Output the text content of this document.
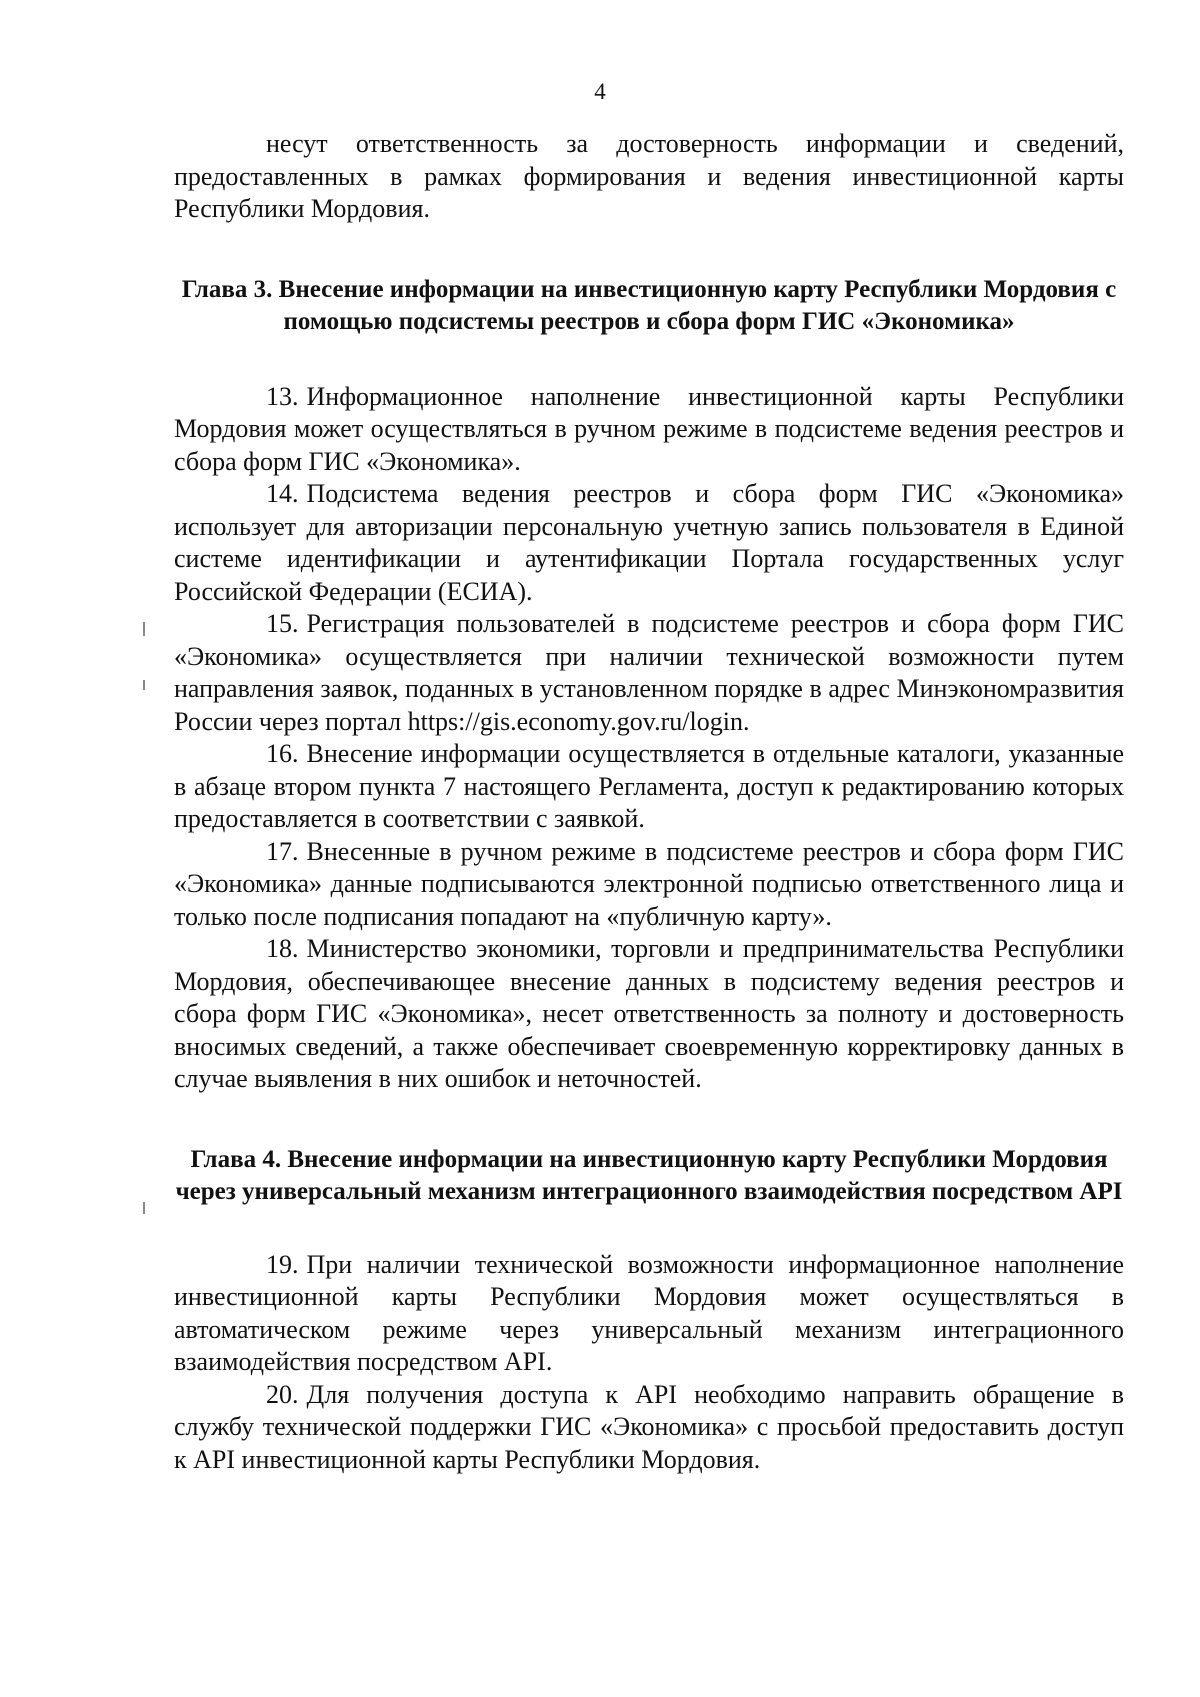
4

несут ответственность за достоверность информации и сведений, предоставленных в рамках формирования и ведения инвестиционной карты Республики Мордовия.

Глава 3. Внесение информации на инвестиционную карту Республики Мордовия с помощью подсистемы реестров и сбора форм ГИС «Экономика»

13. Информационное наполнение инвестиционной карты Республики Мордовия может осуществляться в ручном режиме в подсистеме ведения реестров и сбора форм ГИС «Экономика».

14. Подсистема ведения реестров и сбора форм ГИС «Экономика» использует для авторизации персональную учетную запись пользователя в Единой системе идентификации и аутентификации Портала государственных услуг Российской Федерации (ЕСИА).

15. Регистрация пользователей в подсистеме реестров и сбора форм ГИС «Экономика» осуществляется при наличии технической возможности путем направления заявок, поданных в установленном порядке в адрес Минэкономразвития России через портал https://gis.economy.gov.ru/login.

16. Внесение информации осуществляется в отдельные каталоги, указанные в абзаце втором пункта 7 настоящего Регламента, доступ к редактированию которых предоставляется в соответствии с заявкой.

17. Внесенные в ручном режиме в подсистеме реестров и сбора форм ГИС «Экономика» данные подписываются электронной подписью ответственного лица и только после подписания попадают на «публичную карту».

18. Министерство экономики, торговли и предпринимательства Республики Мордовия, обеспечивающее внесение данных в подсистему ведения реестров и сбора форм ГИС «Экономика», несет ответственность за полноту и достоверность вносимых сведений, а также обеспечивает своевременную корректировку данных в случае выявления в них ошибок и неточностей.

Глава 4. Внесение информации на инвестиционную карту Республики Мордовия через универсальный механизм интеграционного взаимодействия посредством API

19. При наличии технической возможности информационное наполнение инвестиционной карты Республики Мордовия может осуществляться в автоматическом режиме через универсальный механизм интеграционного взаимодействия посредством API.

20. Для получения доступа к API необходимо направить обращение в службу технической поддержки ГИС «Экономика» с просьбой предоставить доступ к API инвестиционной карты Республики Мордовия.
